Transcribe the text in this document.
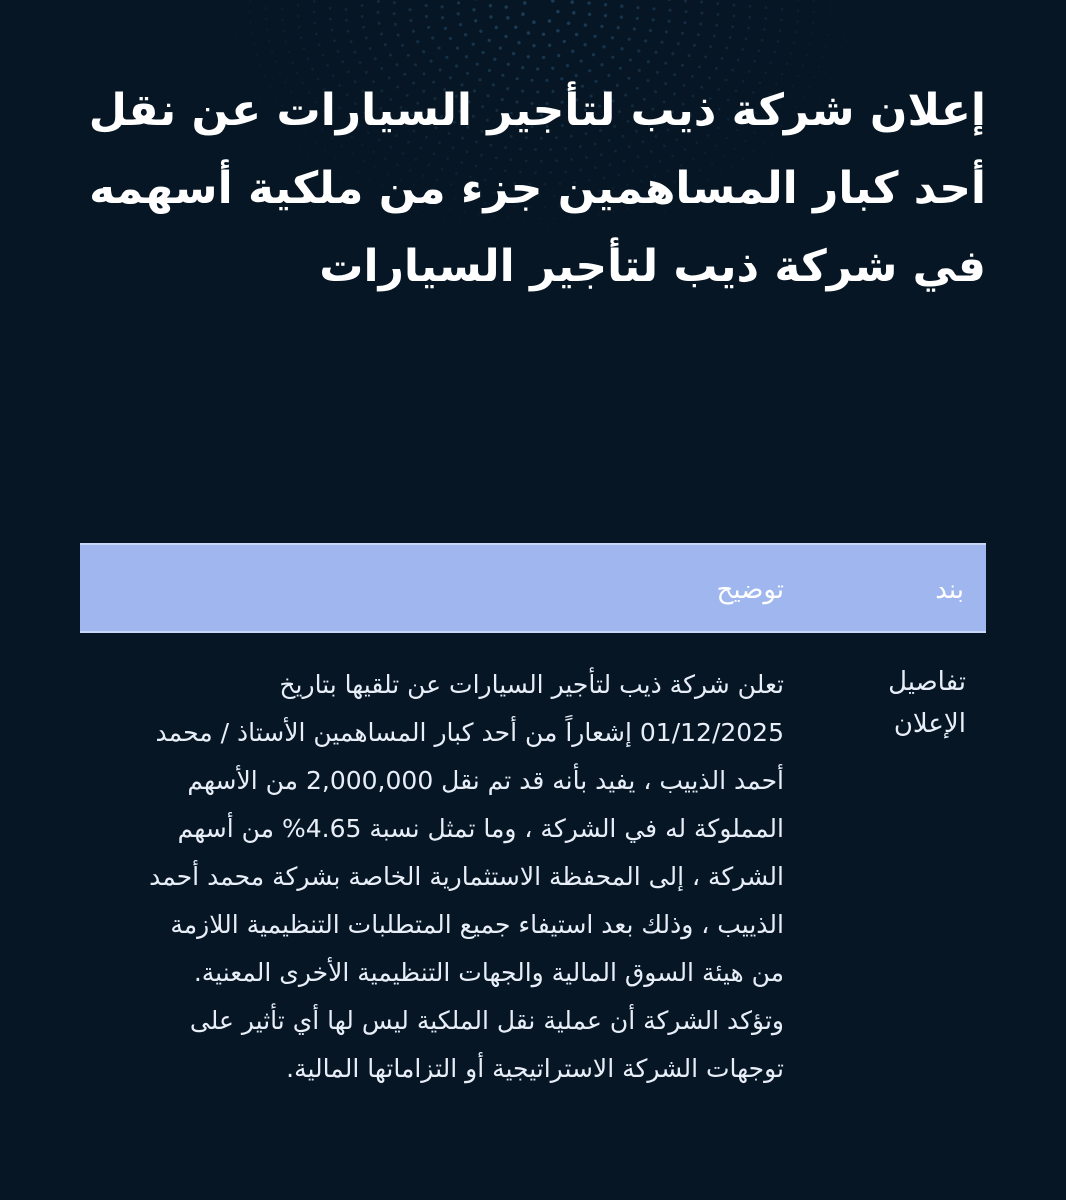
إعلان شركة ذيب لتأجير السيارات عن نقل أحد كبار المساهمين جزء من ملكية أسهمه في شركة ذيب لتأجير السيارات
بند
توضيح
تفاصيل الإعلان
تعلن شركة ذيب لتأجير السيارات عن تلقيها بتاريخ 01/12/2025 إشعاراً من أحد كبار المساهمين الأستاذ / محمد أحمد الذييب ، يفيد بأنه قد تم نقل 2,000,000 من الأسهم المملوكة له في الشركة ، وما تمثل نسبة 4.65% من أسهم الشركة ، إلى المحفظة الاستثمارية الخاصة بشركة محمد أحمد الذييب ، وذلك بعد استيفاء جميع المتطلبات التنظيمية اللازمة من هيئة السوق المالية والجهات التنظيمية الأخرى المعنية. وتؤكد الشركة أن عملية نقل الملكية ليس لها أي تأثير على توجهات الشركة الاستراتيجية أو التزاماتها المالية.
